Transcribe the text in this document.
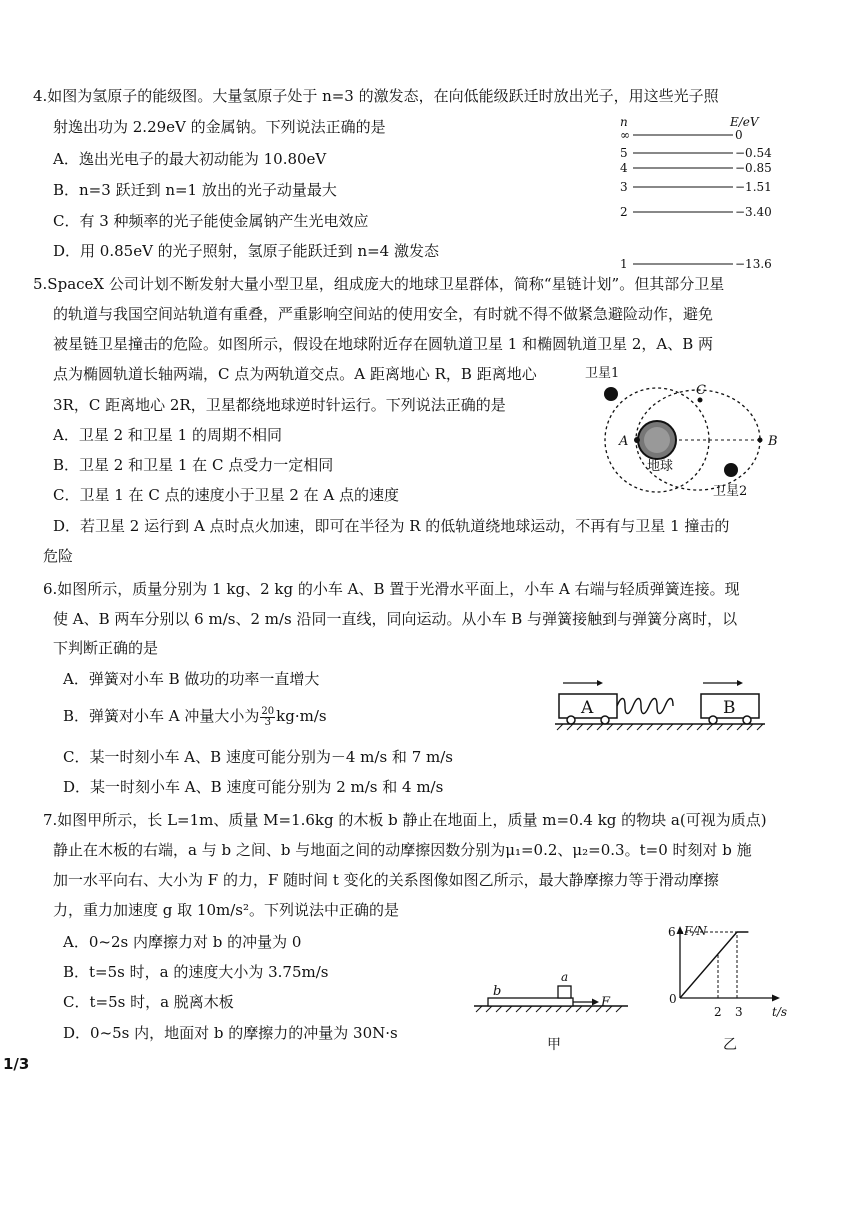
4.如图为氢原子的能级图。大量氢原子处于 n=3 的激发态，在向低能级跃迁时放出光子，用这些光子照
射逸出功为 2.29eV 的金属钠。下列说法正确的是
A．逸出光电子的最大初动能为 10.80eV
B．n=3 跃迁到 n=1 放出的光子动量最大
C．有 3 种频率的光子能使金属钠产生光电效应
D．用 0.85eV 的光子照射，氢原子能跃迁到 n=4 激发态
n	E/eV
∞	0
5	−0.54
4	−0.85
3	−1.51
2	−3.40
1	−13.6
5.SpaceX 公司计划不断发射大量小型卫星，组成庞大的地球卫星群体，简称“星链计划”。但其部分卫星
的轨道与我国空间站轨道有重叠，严重影响空间站的使用安全，有时就不得不做紧急避险动作，避免
被星链卫星撞击的危险。如图所示，假设在地球附近存在圆轨道卫星 1 和椭圆轨道卫星 2，A、B 两
点为椭圆轨道长轴两端，C 点为两轨道交点。A 距离地心 R，B 距离地心
3R，C 距离地心 2R，卫星都绕地球逆时针运行。下列说法正确的是
A．卫星 2 和卫星 1 的周期不相同
B．卫星 2 和卫星 1 在 C 点受力一定相同
C．卫星 1 在 C 点的速度小于卫星 2 在 A 点的速度
D．若卫星 2 运行到 A 点时点火加速，即可在半径为 R 的低轨道绕地球运动，不再有与卫星 1 撞击的
危险
卫星1
卫星2
地球
A	B
C
6.如图所示，质量分别为 1 kg、2 kg 的小车 A、B 置于光滑水平面上，小车 A 右端与轻质弹簧连接。现
使 A、B 两车分别以 6 m/s、2 m/s 沿同一直线，同向运动。从小车 B 与弹簧接触到与弹簧分离时，以
下判断正确的是
A．弹簧对小车 B 做功的功率一直增大
B．弹簧对小车 A 冲量大小为 $\frac{20}{3} kg\cdot m/s$
C．某一时刻小车 A、B 速度可能分别为－4 m/s 和 7 m/s
D．某一时刻小车 A、B 速度可能分别为 2 m/s 和 4 m/s
A	B
7.如图甲所示，长 L=1m、质量 M=1.6kg 的木板 b 静止在地面上，质量 m=0.4 kg 的物块 a(可视为质点)
静止在木板的右端，a 与 b 之间、b 与地面之间的动摩擦因数分别为μ₁=0.2、μ₂=0.3。t=0 时刻对 b 施
加一水平向右、大小为 F 的力，F 随时间 t 变化的关系图像如图乙所示，最大静摩擦力等于滑动摩擦
力，重力加速度 g 取 10m/s²。下列说法中正确的是
A．0~2s 内摩擦力对 b 的冲量为 0
B．t=5s 时，a 的速度大小为 3.75m/s
C．t=5s 时，a 脱离木板
D．0~5s 内，地面对 b 的摩擦力的冲量为 30N·s
b
a
F
甲
F/N
t/s
0
6
2 3
乙
1/3
